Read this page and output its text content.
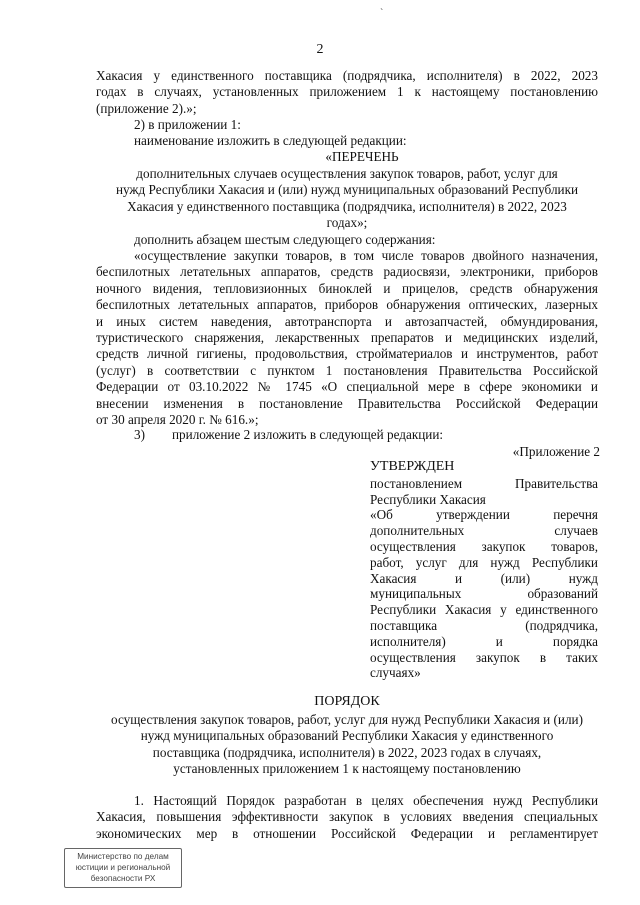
`
2
Хакасия у единственного поставщика (подрядчика, исполнителя) в 2022, 2023
годах в случаях, установленных приложением 1 к настоящему постановлению
(приложение 2).»;
2) в приложении 1:
наименование изложить в следующей редакции:
«ПЕРЕЧЕНЬ
дополнительных случаев осуществления закупок товаров, работ, услуг для
нужд Республики Хакасия и (или) нужд муниципальных образований Республики
Хакасия у единственного поставщика (подрядчика, исполнителя) в 2022, 2023
годах»;
дополнить абзацем шестым следующего содержания:
«осуществление закупки товаров, в том числе товаров двойного назначения,
беспилотных летательных аппаратов, средств радиосвязи, электроники, приборов
ночного видения, тепловизионных биноклей и прицелов, средств обнаружения
беспилотных летательных аппаратов, приборов обнаружения оптических, лазерных
и иных систем наведения, автотранспорта и автозапчастей, обмундирования,
туристического снаряжения, лекарственных препаратов и медицинских изделий,
средств личной гигиены, продовольствия, стройматериалов и инструментов, работ
(услуг) в соответствии с пунктом 1 постановления Правительства Российской
Федерации от 03.10.2022 № 1745 «О специальной мере в сфере экономики и
внесении изменения в постановление Правительства Российской Федерации
от 30 апреля 2020 г. № 616.»;
3) приложение 2 изложить в следующей редакции:
«Приложение 2
УТВЕРЖДЕН
постановлением Правительства
Республики Хакасия
«Об утверждении перечня
дополнительных случаев
осуществления закупок товаров,
работ, услуг для нужд Республики
Хакасия и (или) нужд
муниципальных образований
Республики Хакасия у единственного
поставщика (подрядчика,
исполнителя) и порядка
осуществления закупок в таких
случаях»
ПОРЯДОК
осуществления закупок товаров, работ, услуг для нужд Республики Хакасия и (или)
нужд муниципальных образований Республики Хакасия у единственного
поставщика (подрядчика, исполнителя) в 2022, 2023 годах в случаях,
установленных приложением 1 к настоящему постановлению
1. Настоящий Порядок разработан в целях обеспечения нужд Республики
Хакасия, повышения эффективности закупок в условиях введения специальных
экономических мер в отношении Российской Федерации и регламентирует
Министерство по делам
юстиции и региональной
безопасности РХ
